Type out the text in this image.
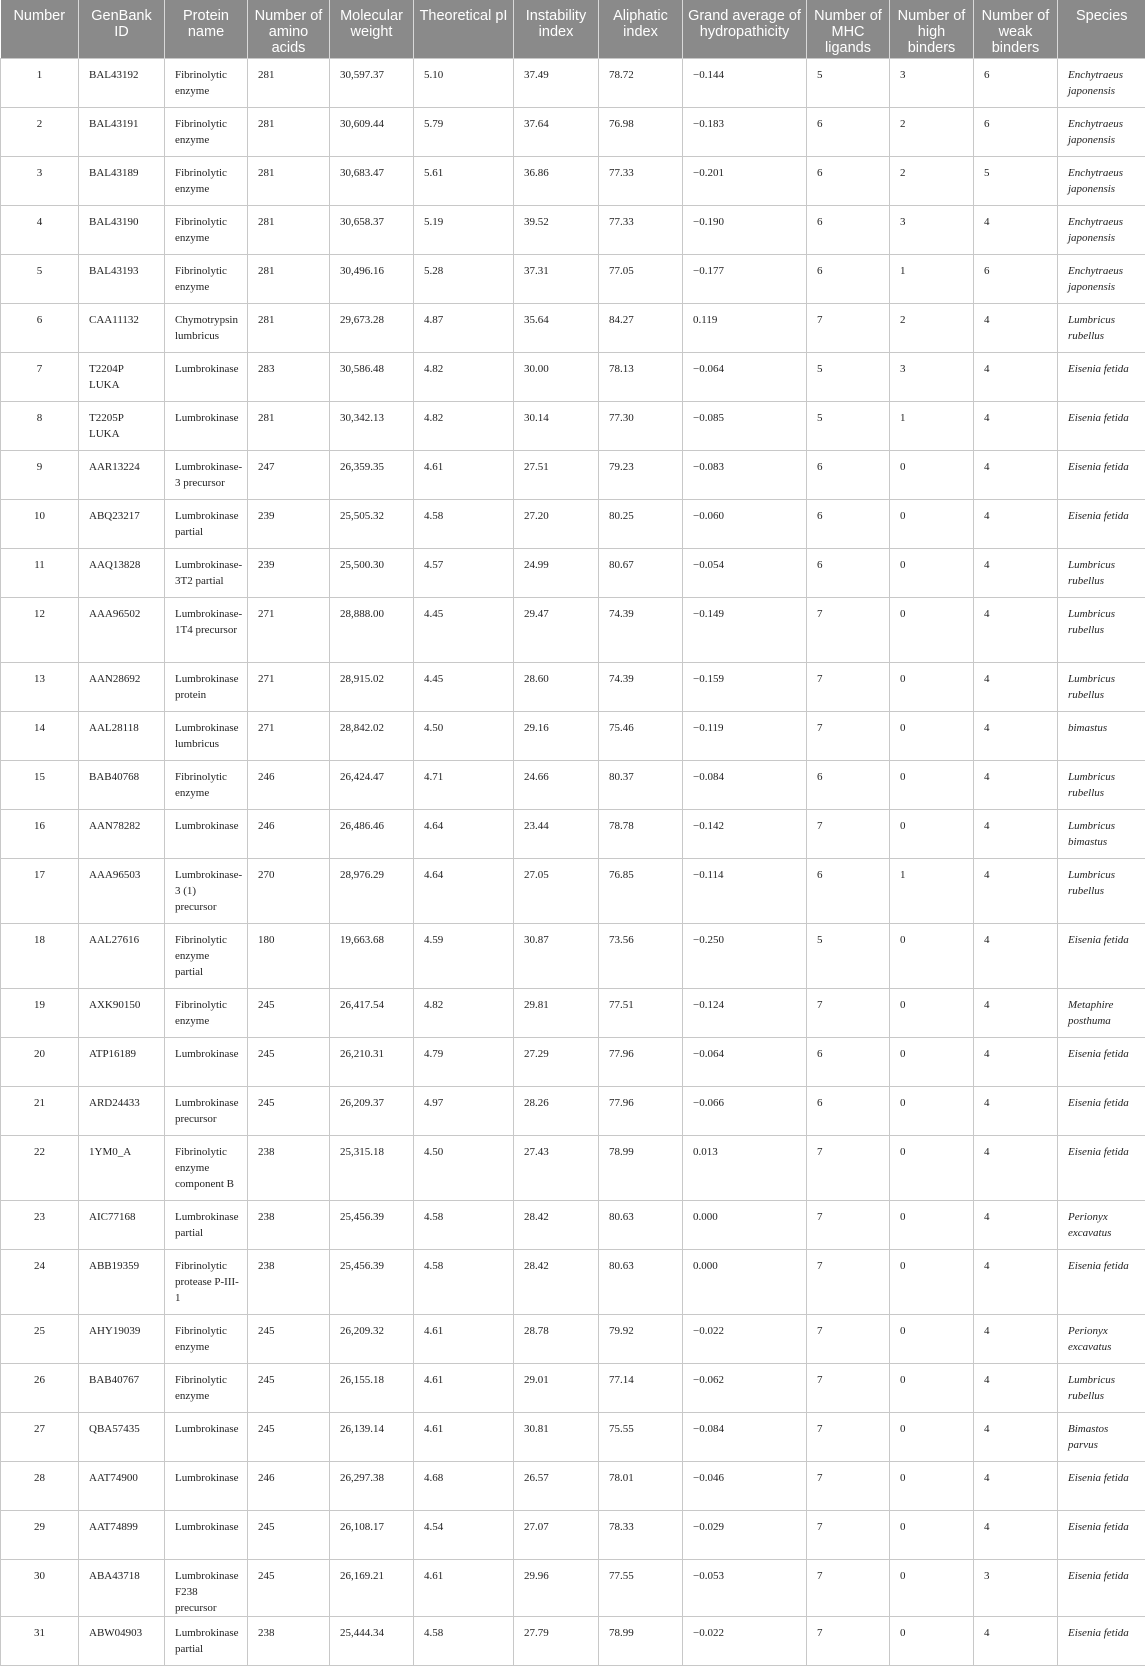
Number	GenBank ID	Protein name	Number of amino acids	Molecular weight	Theoretical pI	Instability index	Aliphatic index	Grand average of hydropathicity	Number of MHC ligands	Number of high binders	Number of weak binders	Species
1	BAL43192	Fibrinolytic enzyme	281	30,597.37	5.10	37.49	78.72	−0.144	5	3	6	Enchytraeus japonensis
2	BAL43191	Fibrinolytic enzyme	281	30,609.44	5.79	37.64	76.98	−0.183	6	2	6	Enchytraeus japonensis
3	BAL43189	Fibrinolytic enzyme	281	30,683.47	5.61	36.86	77.33	−0.201	6	2	5	Enchytraeus japonensis
4	BAL43190	Fibrinolytic enzyme	281	30,658.37	5.19	39.52	77.33	−0.190	6	3	4	Enchytraeus japonensis
5	BAL43193	Fibrinolytic enzyme	281	30,496.16	5.28	37.31	77.05	−0.177	6	1	6	Enchytraeus japonensis
6	CAA11132	Chymotrypsin lumbricus	281	29,673.28	4.87	35.64	84.27	0.119	7	2	4	Lumbricus rubellus
7	T2204P LUKA	Lumbrokinase	283	30,586.48	4.82	30.00	78.13	−0.064	5	3	4	Eisenia fetida
8	T2205P LUKA	Lumbrokinase	281	30,342.13	4.82	30.14	77.30	−0.085	5	1	4	Eisenia fetida
9	AAR13224	Lumbrokinase-3 precursor	247	26,359.35	4.61	27.51	79.23	−0.083	6	0	4	Eisenia fetida
10	ABQ23217	Lumbrokinase partial	239	25,505.32	4.58	27.20	80.25	−0.060	6	0	4	Eisenia fetida
11	AAQ13828	Lumbrokinase-3T2 partial	239	25,500.30	4.57	24.99	80.67	−0.054	6	0	4	Lumbricus rubellus
12	AAA96502	Lumbrokinase-1T4 precursor	271	28,888.00	4.45	29.47	74.39	−0.149	7	0	4	Lumbricus rubellus
13	AAN28692	Lumbrokinase protein	271	28,915.02	4.45	28.60	74.39	−0.159	7	0	4	Lumbricus rubellus
14	AAL28118	Lumbrokinase lumbricus	271	28,842.02	4.50	29.16	75.46	−0.119	7	0	4	bimastus
15	BAB40768	Fibrinolytic enzyme	246	26,424.47	4.71	24.66	80.37	−0.084	6	0	4	Lumbricus rubellus
16	AAN78282	Lumbrokinase	246	26,486.46	4.64	23.44	78.78	−0.142	7	0	4	Lumbricus bimastus
17	AAA96503	Lumbrokinase-3 (1) precursor	270	28,976.29	4.64	27.05	76.85	−0.114	6	1	4	Lumbricus rubellus
18	AAL27616	Fibrinolytic enzyme partial	180	19,663.68	4.59	30.87	73.56	−0.250	5	0	4	Eisenia fetida
19	AXK90150	Fibrinolytic enzyme	245	26,417.54	4.82	29.81	77.51	−0.124	7	0	4	Metaphire posthuma
20	ATP16189	Lumbrokinase	245	26,210.31	4.79	27.29	77.96	−0.064	6	0	4	Eisenia fetida
21	ARD24433	Lumbrokinase precursor	245	26,209.37	4.97	28.26	77.96	−0.066	6	0	4	Eisenia fetida
22	1YM0_A	Fibrinolytic enzyme component B	238	25,315.18	4.50	27.43	78.99	0.013	7	0	4	Eisenia fetida
23	AIC77168	Lumbrokinase partial	238	25,456.39	4.58	28.42	80.63	0.000	7	0	4	Perionyx excavatus
24	ABB19359	Fibrinolytic protease P-III-1	238	25,456.39	4.58	28.42	80.63	0.000	7	0	4	Eisenia fetida
25	AHY19039	Fibrinolytic enzyme	245	26,209.32	4.61	28.78	79.92	−0.022	7	0	4	Perionyx excavatus
26	BAB40767	Fibrinolytic enzyme	245	26,155.18	4.61	29.01	77.14	−0.062	7	0	4	Lumbricus rubellus
27	QBA57435	Lumbrokinase	245	26,139.14	4.61	30.81	75.55	−0.084	7	0	4	Bimastos parvus
28	AAT74900	Lumbrokinase	246	26,297.38	4.68	26.57	78.01	−0.046	7	0	4	Eisenia fetida
29	AAT74899	Lumbrokinase	245	26,108.17	4.54	27.07	78.33	−0.029	7	0	4	Eisenia fetida
30	ABA43718	Lumbrokinase F238 precursor	245	26,169.21	4.61	29.96	77.55	−0.053	7	0	3	Eisenia fetida
31	ABW04903	Lumbrokinase partial	238	25,444.34	4.58	27.79	78.99	−0.022	7	0	4	Eisenia fetida
